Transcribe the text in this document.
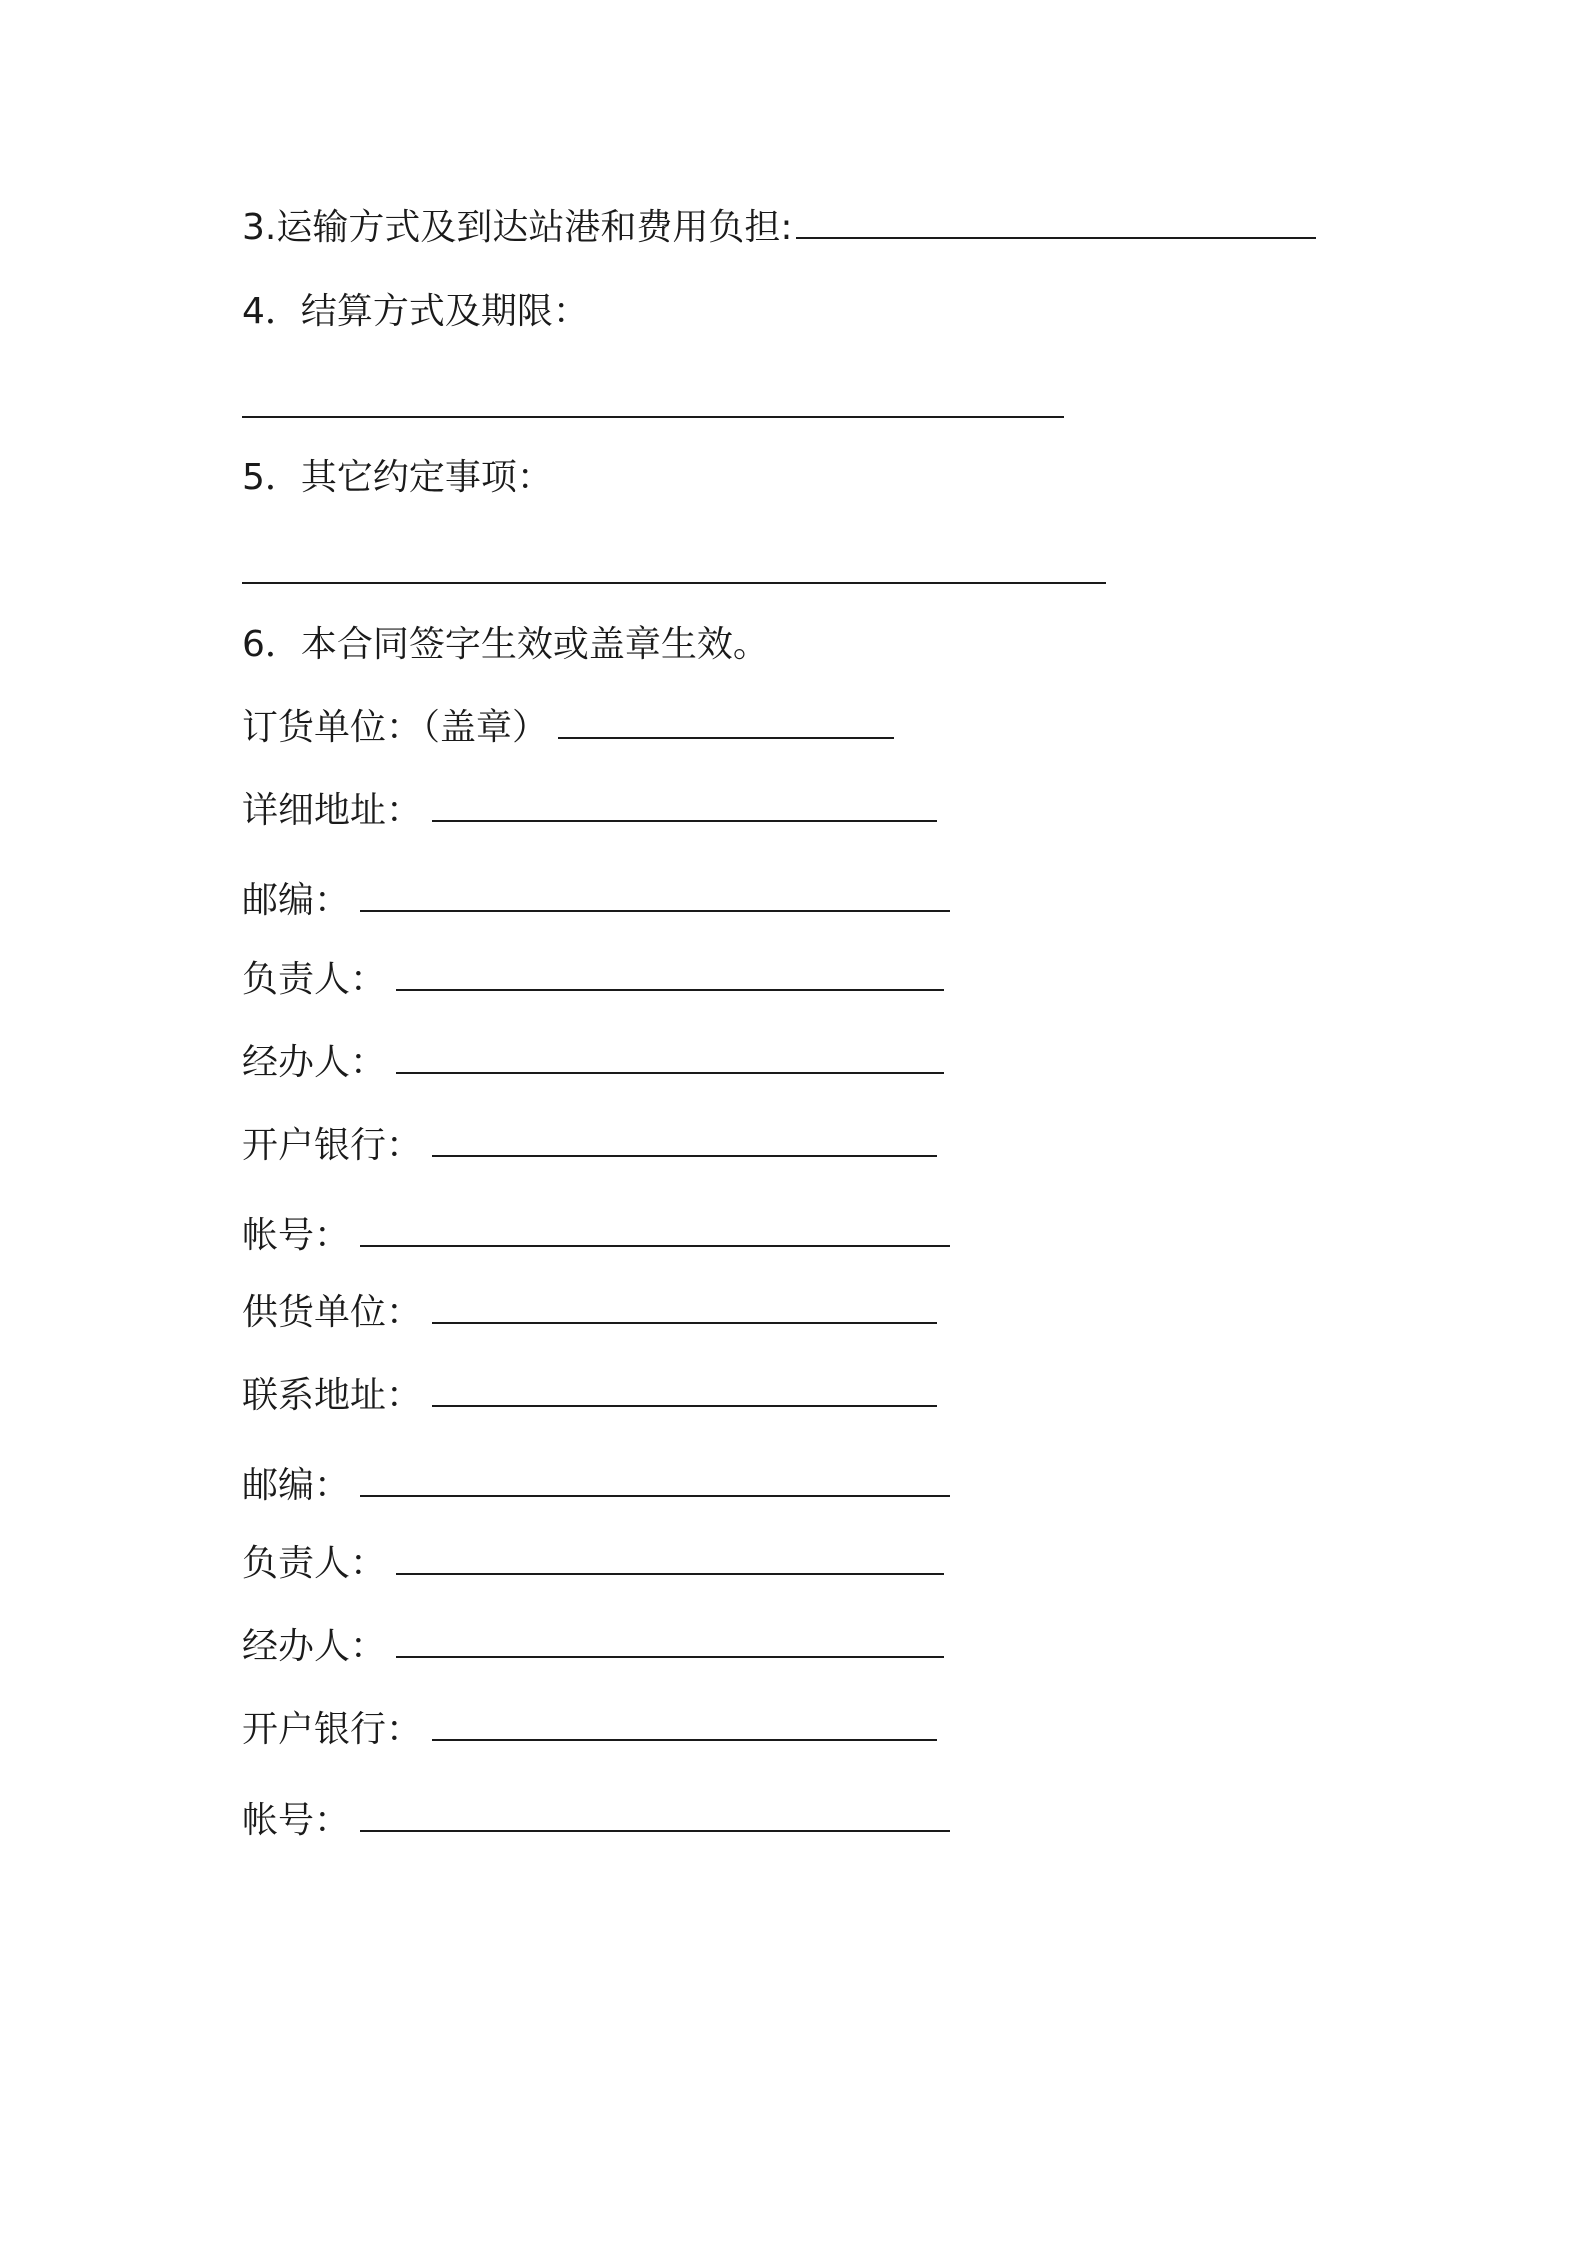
3.运输方式及到达站港和费用负担:
4．结算方式及期限：
5．其它约定事项：
6．本合同签字生效或盖章生效。
订货单位：（盖章）
详细地址：
邮编：
负责人：
经办人：
开户银行：
帐号：
供货单位：
联系地址：
邮编：
负责人：
经办人：
开户银行：
帐号：
